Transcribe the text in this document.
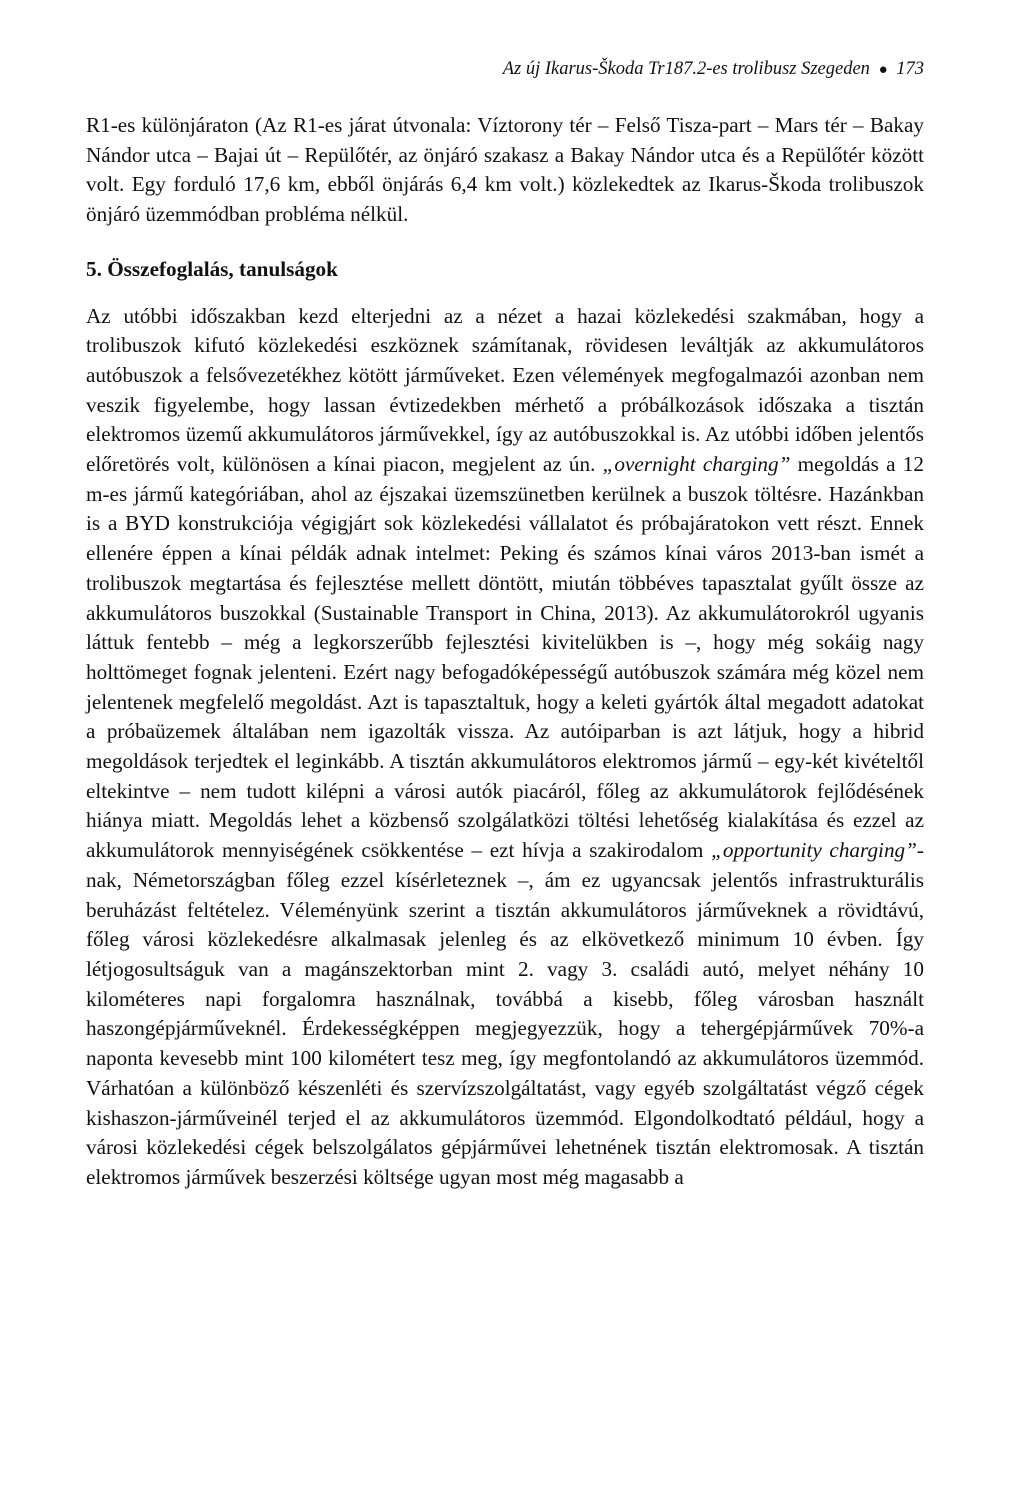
Az új Ikarus-Škoda Tr187.2-es trolibusz Szegeden ● 173

R1-es különjáraton (Az R1-es járat útvonala: Víztorony tér – Felső Tisza-part – Mars tér – Bakay Nándor utca – Bajai út – Repülőtér, az önjáró szakasz a Bakay Nándor utca és a Repülőtér között volt. Egy forduló 17,6 km, ebből önjárás 6,4 km volt.) közlekedtek az Ikarus-Škoda trolibuszok önjáró üzemmódban probléma nélkül.

5. Összefoglalás, tanulságok

Az utóbbi időszakban kezd elterjedni az a nézet a hazai közlekedési szakmában, hogy a trolibuszok kifutó közlekedési eszköznek számítanak, rövidesen leváltják az akkumulátoros autóbuszok a felsővezetékhez kötött járműveket. Ezen vélemények megfogalmazói azonban nem veszik figyelembe, hogy lassan évtizedekben mérhető a próbálkozások időszaka a tisztán elektromos üzemű akkumulátoros járművekkel, így az autóbuszokkal is. Az utóbbi időben jelentős előretörés volt, különösen a kínai piacon, megjelent az ún. „overnight charging” megoldás a 12 m-es jármű kategóriában, ahol az éjszakai üzemszünetben kerülnek a buszok töltésre. Hazánkban is a BYD konstrukciója végigjárt sok közlekedési vállalatot és próbajáratokon vett részt. Ennek ellenére éppen a kínai példák adnak intelmet: Peking és számos kínai város 2013-ban ismét a trolibuszok megtartása és fejlesztése mellett döntött, miután többéves tapasztalat gyűlt össze az akkumulátoros buszokkal (Sustainable Transport in China, 2013). Az akkumulátorokról ugyanis láttuk fentebb – még a legkorszerűbb fejlesztési kivitelükben is –, hogy még sokáig nagy holttömeget fognak jelenteni. Ezért nagy befogadóképességű autóbuszok számára még közel nem jelentenek megfelelő megoldást. Azt is tapasztaltuk, hogy a keleti gyártók által megadott adatokat a próbaüzemek általában nem igazolták vissza. Az autóiparban is azt látjuk, hogy a hibrid megoldások terjedtek el leginkább. A tisztán akkumulátoros elektromos jármű – egy-két kivételtől eltekintve – nem tudott kilépni a városi autók piacáról, főleg az akkumulátorok fejlődésének hiánya miatt. Megoldás lehet a közbenső szolgálatközi töltési lehetőség kialakítása és ezzel az akkumulátorok mennyiségének csökkentése – ezt hívja a szakirodalom „opportunity charging”-nak, Németországban főleg ezzel kísérleteznek –, ám ez ugyancsak jelentős infrastrukturális beruházást feltételez. Véleményünk szerint a tisztán akkumulátoros járműveknek a rövidtávú, főleg városi közlekedésre alkalmasak jelenleg és az elkövetkező minimum 10 évben. Így létjogosultságuk van a magánszektorban mint 2. vagy 3. családi autó, melyet néhány 10 kilométeres napi forgalomra használnak, továbbá a kisebb, főleg városban használt haszongépjárműveknél. Érdekességképpen megjegyezzük, hogy a tehergépjárművek 70%-a naponta kevesebb mint 100 kilométert tesz meg, így megfontolandó az akkumulátoros üzemmód. Várhatóan a különböző készenléti és szervízszolgáltatást, vagy egyéb szolgáltatást végző cégek kishaszon-járműveinél terjed el az akkumulátoros üzemmód. Elgondolkodtató például, hogy a városi közlekedési cégek belszolgálatos gépjárművei lehetnének tisztán elektromosak. A tisztán elektromos járművek beszerzési költsége ugyan most még magasabb a
